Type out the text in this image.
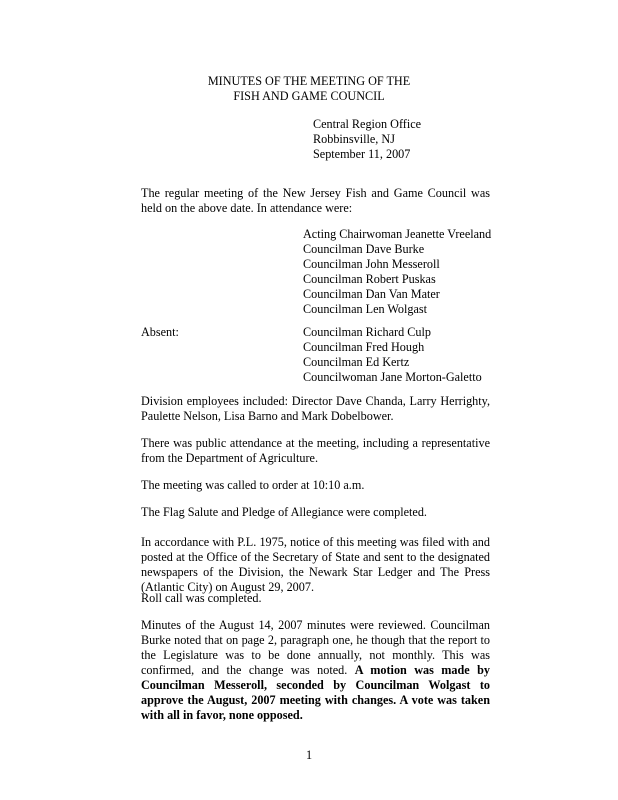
MINUTES OF THE MEETING OF THE
FISH AND GAME COUNCIL
Central Region Office
Robbinsville, NJ
September 11, 2007
The regular meeting of the New Jersey Fish and Game Council was held on the above date. In attendance were:
Acting Chairwoman Jeanette Vreeland
Councilman Dave Burke
Councilman John Messeroll
Councilman Robert Puskas
Councilman Dan Van Mater
Councilman Len Wolgast
Absent:	Councilman Richard Culp
Councilman Fred Hough
Councilman Ed Kertz
Councilwoman Jane Morton-Galetto
Division employees included: Director Dave Chanda, Larry Herrighty, Paulette Nelson, Lisa Barno and Mark Dobelbower.
There was public attendance at the meeting, including a representative from the Department of Agriculture.
The meeting was called to order at 10:10 a.m.
The Flag Salute and Pledge of Allegiance were completed.
In accordance with P.L. 1975, notice of this meeting was filed with and posted at the Office of the Secretary of State and sent to the designated newspapers of the Division, the Newark Star Ledger and The Press (Atlantic City) on August 29, 2007.
Roll call was completed.
Minutes of the August 14, 2007 minutes were reviewed. Councilman Burke noted that on page 2, paragraph one, he though that the report to the Legislature was to be done annually, not monthly. This was confirmed, and the change was noted. A motion was made by Councilman Messeroll, seconded by Councilman Wolgast to approve the August, 2007 meeting with changes. A vote was taken with all in favor, none opposed.
1
